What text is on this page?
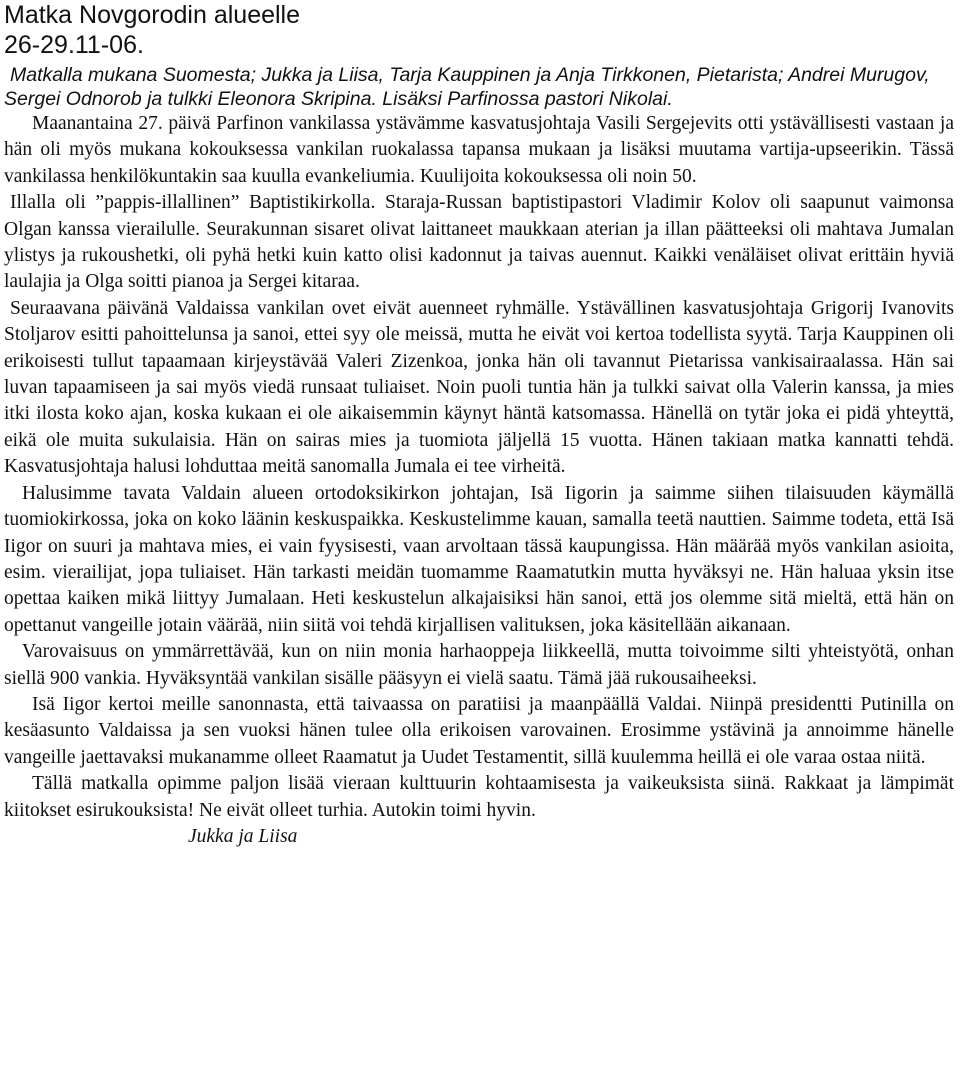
Matka Novgorodin alueelle
26-29.11-06.

Matkalla mukana Suomesta; Jukka ja Liisa, Tarja Kauppinen ja Anja Tirkkonen, Pietarista; Andrei Murugov, Sergei Odnorob ja tulkki Eleonora Skripina. Lisäksi Parfinossa pastori Nikolai.

Maanantaina 27. päivä Parfinon vankilassa ystävämme kasvatusjohtaja Vasili Sergejevits otti ystävällisesti vastaan ja hän oli myös mukana kokouksessa vankilan ruokalassa tapansa mukaan ja lisäksi muutama vartija-upseerikin. Tässä vankilassa henkilökuntakin saa kuulla evankeliumia. Kuulijoita kokouksessa oli noin 50.

Illalla oli ”pappis-illallinen” Baptistikirkolla. Staraja-Russan baptistipastori Vladimir Kolov oli saapunut vaimonsa Olgan kanssa vierailulle. Seurakunnan sisaret olivat laittaneet maukkaan aterian ja illan päätteeksi oli mahtava Jumalan ylistys ja rukoushetki, oli pyhä hetki kuin katto olisi kadonnut ja taivas auennut. Kaikki venäläiset olivat erittäin hyviä laulajia ja Olga soitti pianoa ja Sergei kitaraa.

Seuraavana päivänä Valdaissa vankilan ovet eivät auenneet ryhmälle. Ystävällinen kasvatusjohtaja Grigorij Ivanovits Stoljarov esitti pahoittelunsa ja sanoi, ettei syy ole meissä, mutta he eivät voi kertoa todellista syytä. Tarja Kauppinen oli erikoisesti tullut tapaamaan kirjeystävää Valeri Zizenkoa, jonka hän oli tavannut Pietarissa vankisairaalassa. Hän sai luvan tapaamiseen ja sai myös viedä runsaat tuliaiset. Noin puoli tuntia hän ja tulkki saivat olla Valerin kanssa, ja mies itki ilosta koko ajan, koska kukaan ei ole aikaisemmin käynyt häntä katsomassa. Hänellä on tytär joka ei pidä yhteyttä, eikä ole muita sukulaisia. Hän on sairas mies ja tuomiota jäljellä 15 vuotta. Hänen takiaan matka kannatti tehdä. Kasvatusjohtaja halusi lohduttaa meitä sanomalla Jumala ei tee virheitä.

Halusimme tavata Valdain alueen ortodoksikirkon johtajan, Isä Iigorin ja saimme siihen tilaisuuden käymällä tuomiokirkossa, joka on koko läänin keskuspaikka. Keskustelimme kauan, samalla teetä nauttien. Saimme todeta, että Isä Iigor on suuri ja mahtava mies, ei vain fyysisesti, vaan arvoltaan tässä kaupungissa. Hän määrää myös vankilan asioita, esim. vierailijat, jopa tuliaiset. Hän tarkasti meidän tuomamme Raamatutkin mutta hyväksyi ne. Hän haluaa yksin itse opettaa kaiken mikä liittyy Jumalaan. Heti keskustelun alkajaisiksi hän sanoi, että jos olemme sitä mieltä, että hän on opettanut vangeille jotain väärää, niin siitä voi tehdä kirjallisen valituksen, joka käsitellään aikanaan.

Varovaisuus on ymmärrettävää, kun on niin monia harhaoppeja liikkeellä, mutta toivoimme silti yhteistyötä, onhan siellä 900 vankia. Hyväksyntää vankilan sisälle pääsyyn ei vielä saatu. Tämä jää rukousaiheeksi.

Isä Iigor kertoi meille sanonnasta, että taivaassa on paratiisi ja maanpäällä Valdai. Niinpä presidentti Putinilla on kesäasunto Valdaissa ja sen vuoksi hänen tulee olla erikoisen varovainen. Erosimme ystävinä ja annoimme hänelle vangeille jaettavaksi mukanamme olleet Raamatut ja Uudet Testamentit, sillä kuulemma heillä ei ole varaa ostaa niitä.

Tällä matkalla opimme paljon lisää vieraan kulttuurin kohtaamisesta ja vaikeuksista siinä. Rakkaat ja lämpimät kiitokset esirukouksista! Ne eivät olleet turhia. Autokin toimi hyvin.

Jukka ja Liisa
